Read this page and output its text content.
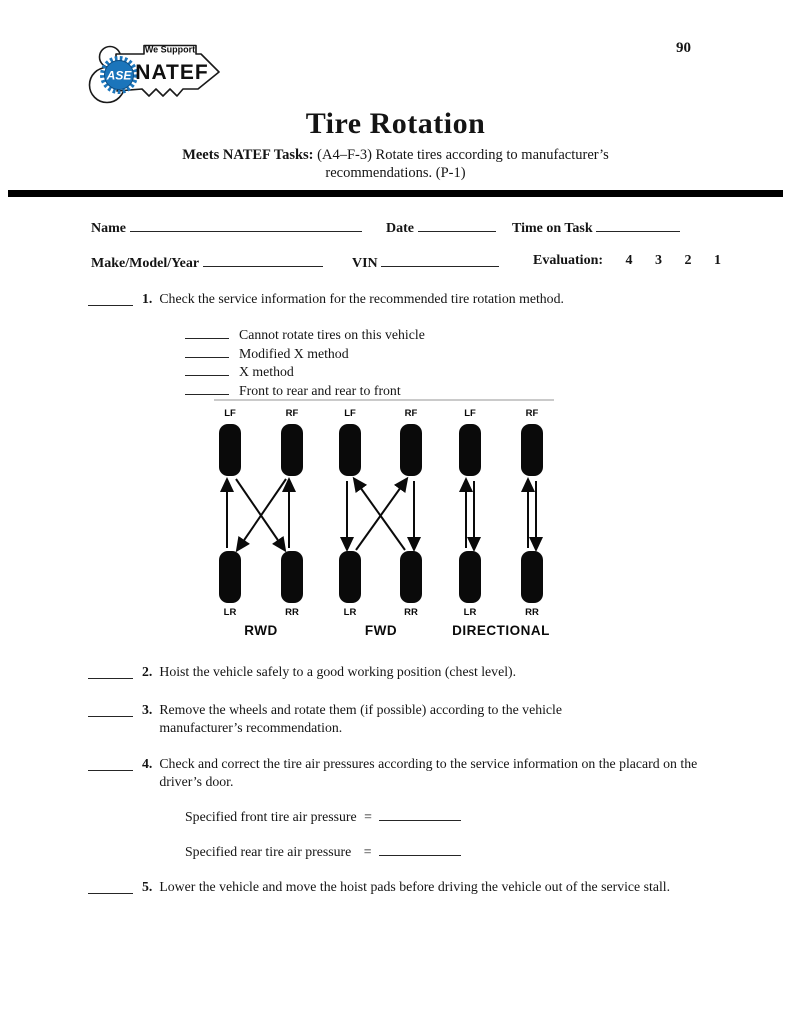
90
ASE
We Support
NATEF
Tire Rotation
Meets NATEF Tasks: (A4–F-3) Rotate tires according to manufacturer’s
recommendations. (P-1)
Name	Date	Time on Task
Make/Model/Year	VIN	Evaluation: 4 3 2 1
1. Check the service information for the recommended tire rotation method.
Cannot rotate tires on this vehicle
Modified X method
X method
Front to rear and rear to front
LF	RF
LR	RR
RWD
LF	RF
LR	RR
FWD
LF	RF
LR	RR
DIRECTIONAL
2. Hoist the vehicle safely to a good working position (chest level).
3. Remove the wheels and rotate them (if possible) according to the vehicle manufacturer’s recommendation.
4. Check and correct the tire air pressures according to the service information on the placard on the driver’s door.
Specified front tire air pressure =
Specified rear tire air pressure =
5. Lower the vehicle and move the hoist pads before driving the vehicle out of the service stall.
